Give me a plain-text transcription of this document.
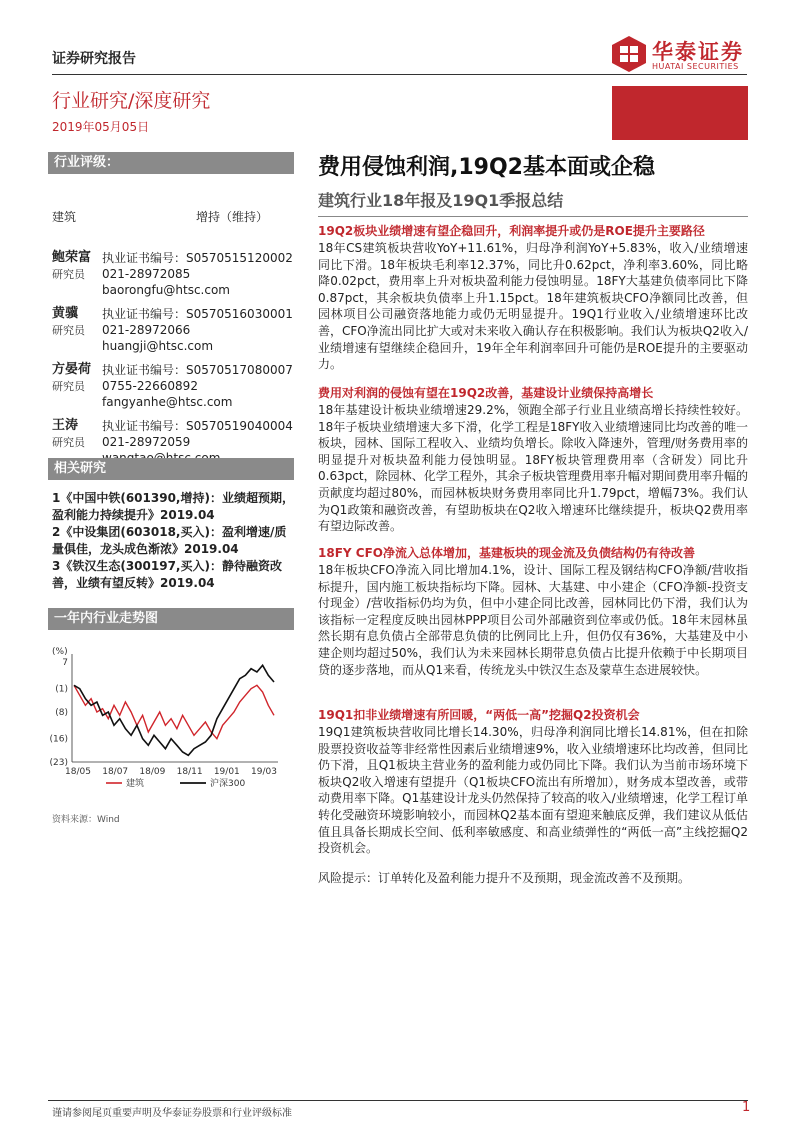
证券研究报告
行业研究/深度研究
2019年05月05日
华泰证券
HUATAI SECURITIES
行业评级：
建筑	增持（维持）
鲍荣富
研究员
执业证书编号：S0570515120002
021-28972085
baorongfu@htsc.com
黄骥
研究员
执业证书编号：S0570516030001
021-28972066
huangji@htsc.com
方晏荷
研究员
执业证书编号：S0570517080007
0755-22660892
fangyanhe@htsc.com
王涛
研究员
执业证书编号：S0570519040004
021-28972059
相关研究
1《中国中铁(601390,增持)：业绩超预期，盈利能力持续提升》2019.04
2《中设集团(603018,买入)：盈利增速/质量俱佳，龙头成色渐浓》2019.04
3《铁汉生态(300197,买入)：静待融资改善，业绩有望反转》2019.04
一年内行业走势图
(%)
7
(1)
(8)
(16)
(23)
18/05 18/07 18/09 18/11 19/01 19/03
建筑	沪深300
资料来源：Wind
费用侵蚀利润,19Q2基本面或企稳
建筑行业18年报及19Q1季报总结
19Q2板块业绩增速有望企稳回升，利润率提升或仍是ROE提升主要路径
18年CS建筑板块营收YoY+11.61%，归母净利润YoY+5.83%，收入/业绩增速同比下滑。18年板块毛利率12.37%，同比升0.62pct，净利率3.60%，同比略降0.02pct，费用率上升对板块盈利能力侵蚀明显。18FY大基建负债率同比下降0.87pct，其余板块负债率上升1.15pct。18年建筑板块CFO净额同比改善，但园林项目公司融资落地能力或仍无明显提升。19Q1行业收入/业绩增速环比改善，CFO净流出同比扩大或对未来收入确认存在积极影响。我们认为板块Q2收入/业绩增速有望继续企稳回升，19年全年利润率回升可能仍是ROE提升的主要驱动力。
费用对利润的侵蚀有望在19Q2改善，基建设计业绩保持高增长
18年基建设计板块业绩增速29.2%，领跑全部子行业且业绩高增长持续性较好。18年子板块业绩增速大多下滑，化学工程是18FY收入业绩增速同比均改善的唯一板块，园林、国际工程收入、业绩均负增长。除收入降速外，管理/财务费用率的明显提升对板块盈利能力侵蚀明显。18FY板块管理费用率（含研发）同比升0.63pct，除园林、化学工程外，其余子板块管理费用率升幅对期间费用率升幅的贡献度均超过80%，而园林板块财务费用率同比升1.79pct，增幅73%。我们认为Q1政策和融资改善，有望助板块在Q2收入增速环比继续提升，板块Q2费用率有望边际改善。
18FY CFO净流入总体增加，基建板块的现金流及负债结构仍有待改善
18年板块CFO净流入同比增加4.1%，设计、国际工程及钢结构CFO净额/营收指标提升，国内施工板块指标均下降。园林、大基建、中小建企（CFO净额-投资支付现金）/营收指标仍均为负，但中小建企同比改善，园林同比仍下滑，我们认为该指标一定程度反映出园林PPP项目公司外部融资到位率或仍低。18年末园林虽然长期有息负债占全部带息负债的比例同比上升，但仍仅有36%，大基建及中小建企则均超过50%，我们认为未来园林长期带息负债占比提升依赖于中长期项目贷的逐步落地，而从Q1来看，传统龙头中铁汉生态及蒙草生态进展较快。
19Q1扣非业绩增速有所回暖，“两低一高”挖掘Q2投资机会
19Q1建筑板块营收同比增长14.30%，归母净利润同比增长14.81%，但在扣除股票投资收益等非经常性因素后业绩增速9%，收入业绩增速环比均改善，但同比仍下滑，且Q1板块主营业务的盈利能力或仍同比下降。我们认为当前市场环境下板块Q2收入增速有望提升（Q1板块CFO流出有所增加），财务成本望改善，或带动费用率下降。Q1基建设计龙头仍然保持了较高的收入/业绩增速，化学工程订单转化受融资环境影响较小，而园林Q2基本面有望迎来触底反弹，我们建议从低估值且具备长期成长空间、低利率敏感度、和高业绩弹性的“两低一高”主线挖掘Q2投资机会。
风险提示：订单转化及盈利能力提升不及预期，现金流改善不及预期。
谨请参阅尾页重要声明及华泰证券股票和行业评级标准	1
